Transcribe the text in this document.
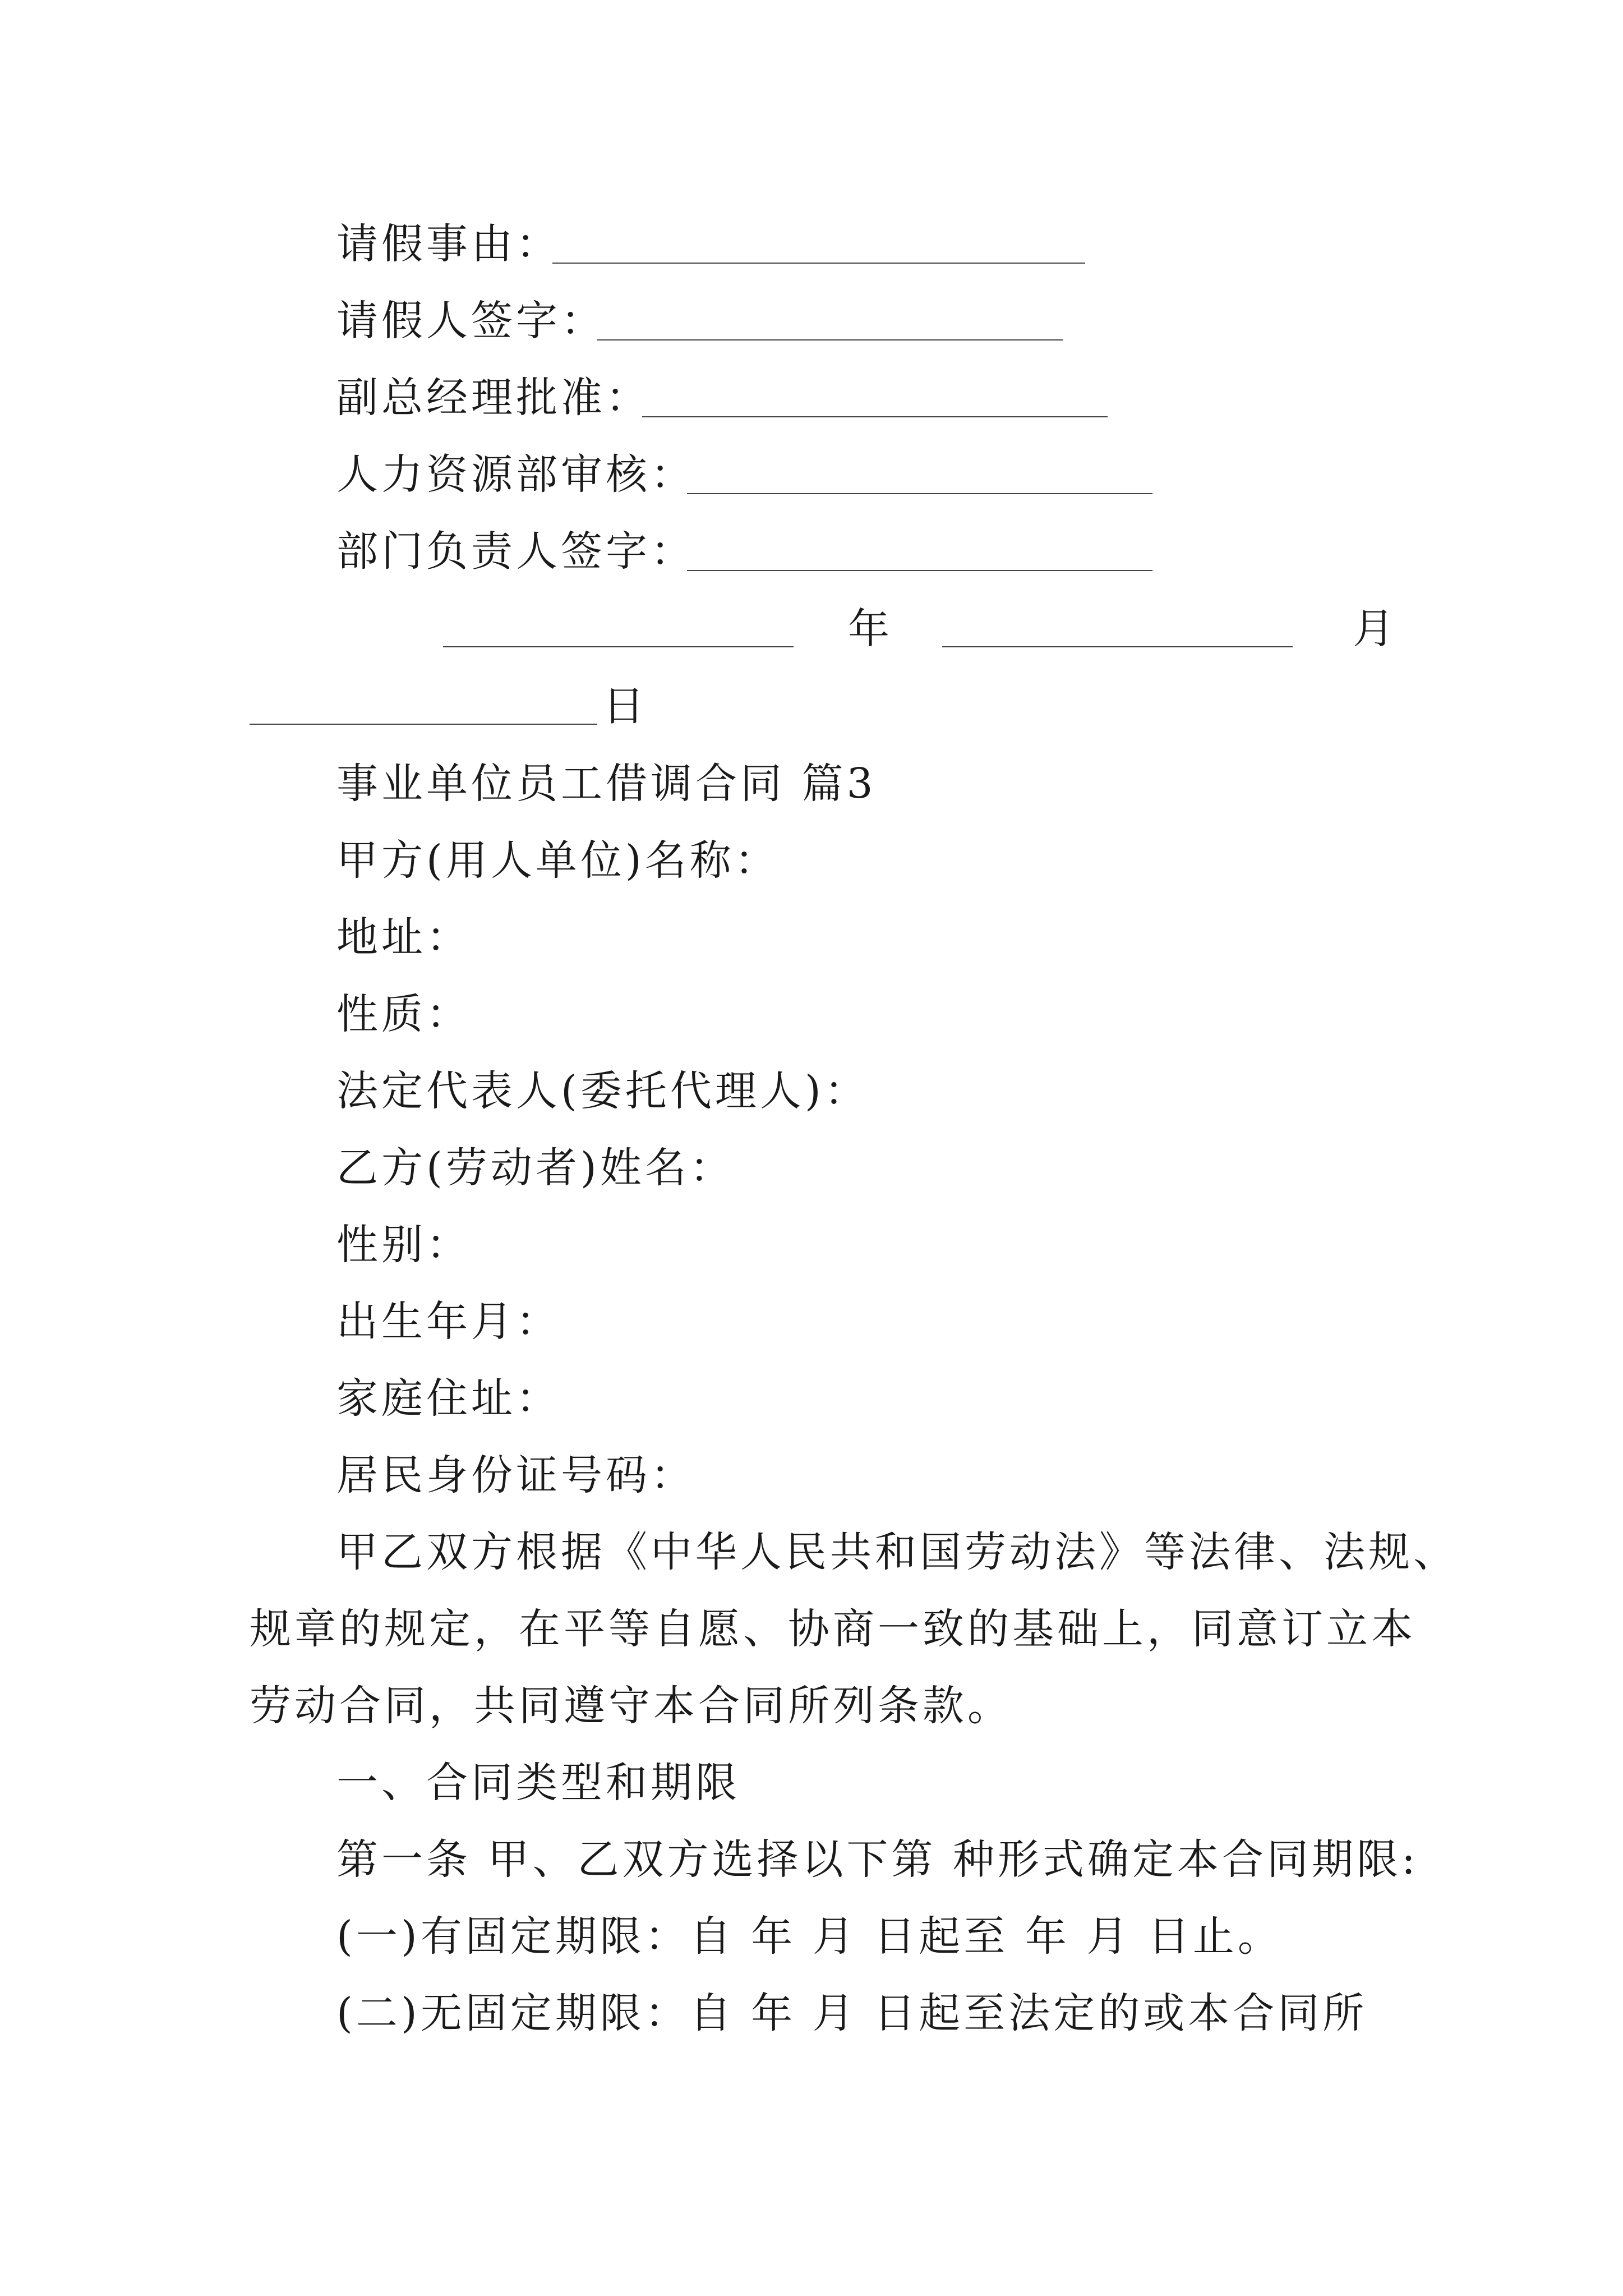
请假事由：
请假人签字：
副总经理批准：
人力资源部审核：
部门负责人签字：
年	月
日
事业单位员工借调合同 篇3
甲方(用人单位)名称：
地址：
性质：
法定代表人(委托代理人)：
乙方(劳动者)姓名：
性别：
出生年月：
家庭住址：
居民身份证号码：
甲乙双方根据《中华人民共和国劳动法》等法律、法规、
规章的规定，在平等自愿、协商一致的基础上，同意订立本
劳动合同，共同遵守本合同所列条款。
一、合同类型和期限
第一条 甲、乙双方选择以下第 种形式确定本合同期限:
(一)有固定期限：自 年 月 日起至 年 月 日止。
(二)无固定期限：自 年 月 日起至法定的或本合同所
